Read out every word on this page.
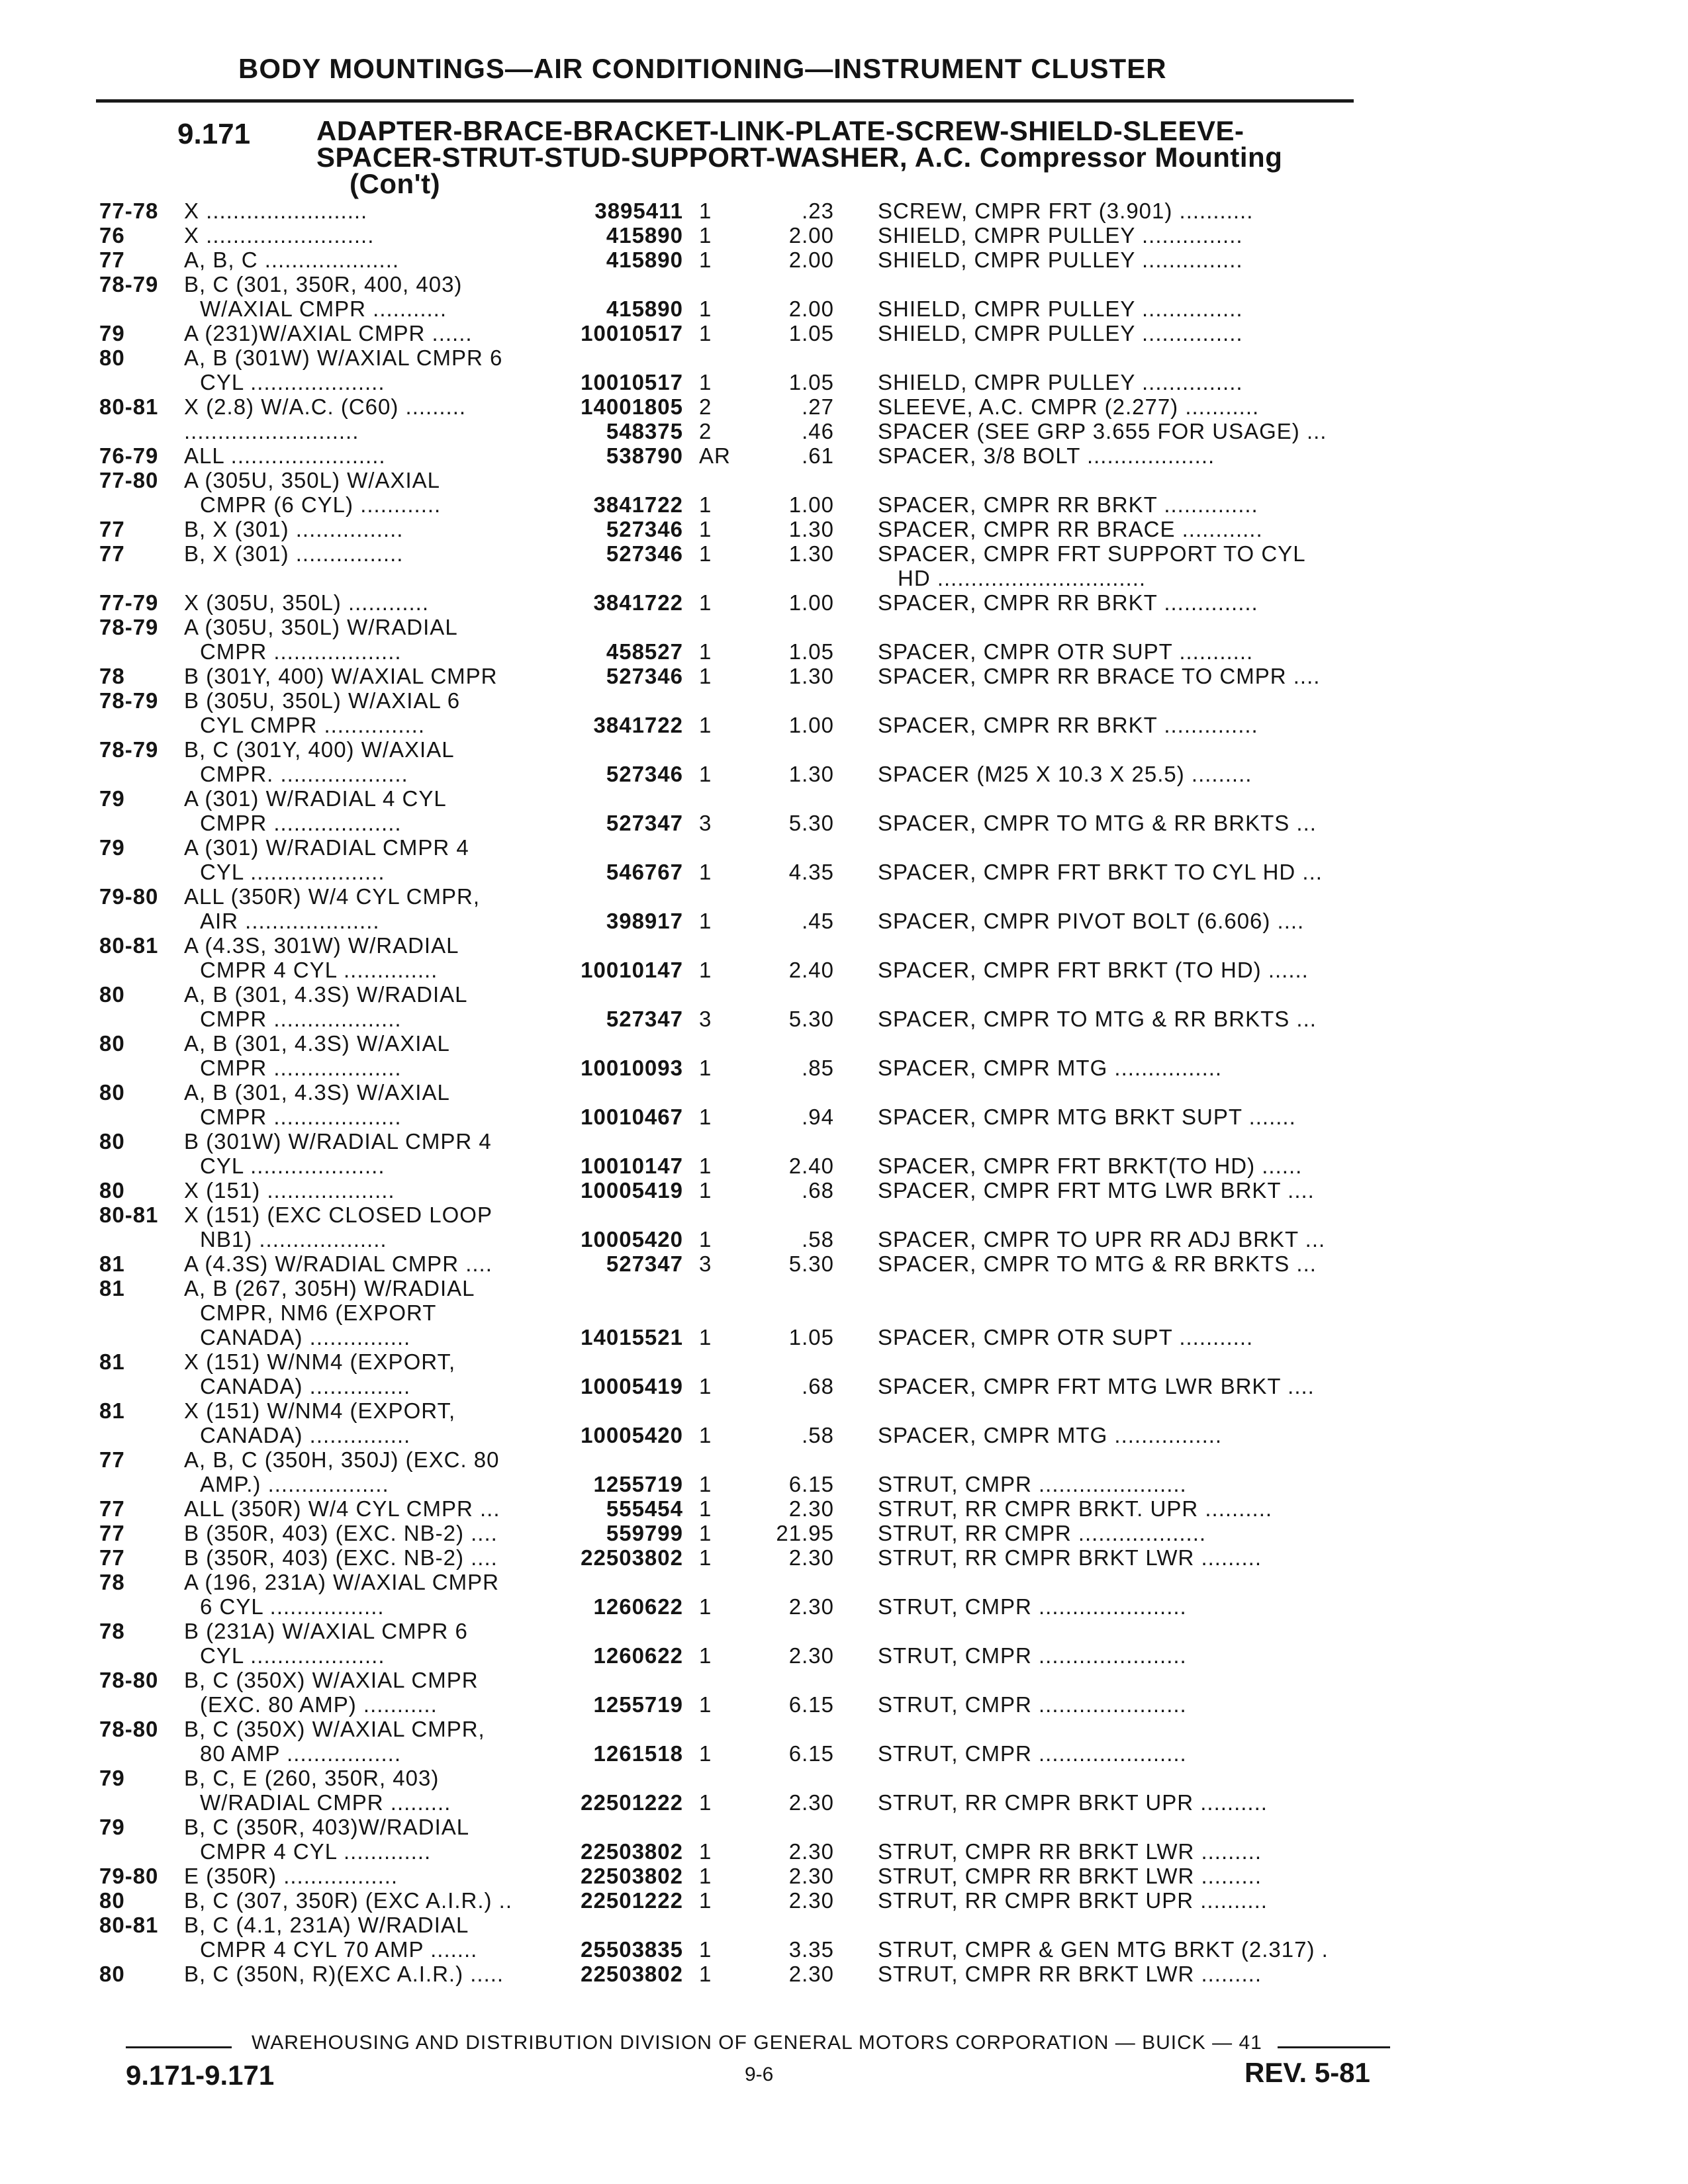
BODY MOUNTINGS—AIR CONDITIONING—INSTRUMENT CLUSTER
9.171 ADAPTER-BRACE-BRACKET-LINK-PLATE-SCREW-SHIELD-SLEEVE-
SPACER-STRUT-STUD-SUPPORT-WASHER, A.C. Compressor Mounting
(Con't)
77-78 X ........................	3895411 1	.23 SCREW, CMPR FRT (3.901) ...........
76	X .........................	415890 1	2.00 SHIELD, CMPR PULLEY ...............
77	A, B, C ....................	415890 1	2.00 SHIELD, CMPR PULLEY ...............
78-79 B, C (301, 350R, 400, 403)
W/AXIAL CMPR ...........	415890 1	2.00 SHIELD, CMPR PULLEY ...............
79	A (231)W/AXIAL CMPR ......	10010517 1	1.05 SHIELD, CMPR PULLEY ...............
80	A, B (301W) W/AXIAL CMPR 6
CYL ....................	10010517 1	1.05 SHIELD, CMPR PULLEY ...............
80-81 X (2.8) W/A.C. (C60) .........	14001805 2	.27 SLEEVE, A.C. CMPR (2.277) ...........
..........................	548375 2	.46 SPACER (SEE GRP 3.655 FOR USAGE) ...
76-79 ALL .......................	538790 AR	.61 SPACER, 3/8 BOLT ...................
77-80 A (305U, 350L) W/AXIAL
CMPR (6 CYL) ............	3841722 1	1.00 SPACER, CMPR RR BRKT ..............
77	B, X (301) ................	527346 1	1.30 SPACER, CMPR RR BRACE ............
77	B, X (301) ................	527346 1	1.30 SPACER, CMPR FRT SUPPORT TO CYL
HD ...............................
77-79 X (305U, 350L) ............	3841722 1	1.00 SPACER, CMPR RR BRKT ..............
78-79 A (305U, 350L) W/RADIAL
CMPR ...................	458527 1	1.05 SPACER, CMPR OTR SUPT ...........
78	B (301Y, 400) W/AXIAL CMPR	527346 1	1.30 SPACER, CMPR RR BRACE TO CMPR ....
78-79 B (305U, 350L) W/AXIAL 6
CYL CMPR ...............	3841722 1	1.00 SPACER, CMPR RR BRKT ..............
78-79 B, C (301Y, 400) W/AXIAL
CMPR. ...................	527346 1	1.30 SPACER (M25 X 10.3 X 25.5) .........
79	A (301) W/RADIAL 4 CYL
CMPR ...................	527347 3	5.30 SPACER, CMPR TO MTG & RR BRKTS ...
79	A (301) W/RADIAL CMPR 4
CYL ....................	546767 1	4.35 SPACER, CMPR FRT BRKT TO CYL HD ...
79-80 ALL (350R) W/4 CYL CMPR,
AIR ....................	398917 1	.45 SPACER, CMPR PIVOT BOLT (6.606) ....
80-81 A (4.3S, 301W) W/RADIAL
CMPR 4 CYL ..............	10010147 1	2.40 SPACER, CMPR FRT BRKT (TO HD) ......
80	A, B (301, 4.3S) W/RADIAL
CMPR ...................	527347 3	5.30 SPACER, CMPR TO MTG & RR BRKTS ...
80	A, B (301, 4.3S) W/AXIAL
CMPR ...................	10010093 1	.85 SPACER, CMPR MTG ................
80	A, B (301, 4.3S) W/AXIAL
CMPR ...................	10010467 1	.94 SPACER, CMPR MTG BRKT SUPT .......
80	B (301W) W/RADIAL CMPR 4
CYL ....................	10010147 1	2.40 SPACER, CMPR FRT BRKT(TO HD) ......
80	X (151) ...................	10005419 1	.68 SPACER, CMPR FRT MTG LWR BRKT ....
80-81 X (151) (EXC CLOSED LOOP
NB1) ...................	10005420 1	.58 SPACER, CMPR TO UPR RR ADJ BRKT ...
81	A (4.3S) W/RADIAL CMPR ....	527347 3	5.30 SPACER, CMPR TO MTG & RR BRKTS ...
81	A, B (267, 305H) W/RADIAL
CMPR, NM6 (EXPORT
CANADA) ...............	14015521 1	1.05 SPACER, CMPR OTR SUPT ...........
81	X (151) W/NM4 (EXPORT,
CANADA) ...............	10005419 1	.68 SPACER, CMPR FRT MTG LWR BRKT ....
81	X (151) W/NM4 (EXPORT,
CANADA) ...............	10005420 1	.58 SPACER, CMPR MTG ................
77	A, B, C (350H, 350J) (EXC. 80
AMP.) ..................	1255719 1	6.15 STRUT, CMPR ......................
77	ALL (350R) W/4 CYL CMPR ...	555454 1	2.30 STRUT, RR CMPR BRKT. UPR ..........
77	B (350R, 403) (EXC. NB-2) ....	559799 1	21.95 STRUT, RR CMPR ...................
77	B (350R, 403) (EXC. NB-2) ....	22503802 1	2.30 STRUT, RR CMPR BRKT LWR .........
78	A (196, 231A) W/AXIAL CMPR
6 CYL .................	1260622 1	2.30 STRUT, CMPR ......................
78	B (231A) W/AXIAL CMPR 6
CYL ....................	1260622 1	2.30 STRUT, CMPR ......................
78-80 B, C (350X) W/AXIAL CMPR
(EXC. 80 AMP) ...........	1255719 1	6.15 STRUT, CMPR ......................
78-80 B, C (350X) W/AXIAL CMPR,
80 AMP .................	1261518 1	6.15 STRUT, CMPR ......................
79	B, C, E (260, 350R, 403)
W/RADIAL CMPR .........	22501222 1	2.30 STRUT, RR CMPR BRKT UPR ..........
79	B, C (350R, 403)W/RADIAL
CMPR 4 CYL .............	22503802 1	2.30 STRUT, CMPR RR BRKT LWR .........
79-80 E (350R) .................	22503802 1	2.30 STRUT, CMPR RR BRKT LWR .........
80	B, C (307, 350R) (EXC A.I.R.) ..	22501222 1	2.30 STRUT, RR CMPR BRKT UPR ..........
80-81 B, C (4.1, 231A) W/RADIAL
CMPR 4 CYL 70 AMP .......	25503835 1	3.35 STRUT, CMPR & GEN MTG BRKT (2.317) .
80	B, C (350N, R)(EXC A.I.R.) .....	22503802 1	2.30 STRUT, CMPR RR BRKT LWR .........
WAREHOUSING AND DISTRIBUTION DIVISION OF GENERAL MOTORS CORPORATION — BUICK — 41
9.171-9.171	9-6	REV. 5-81
